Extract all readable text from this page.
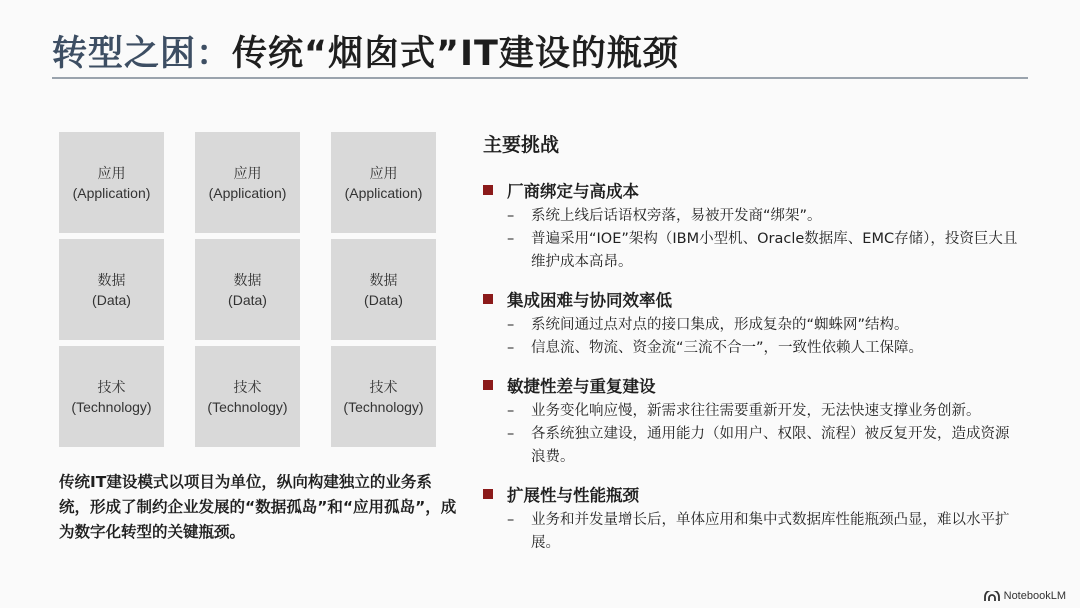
转型之困：传统“烟囱式”IT建设的瓶颈
应用
(Application)
应用
(Application)
应用
(Application)
数据
(Data)
数据
(Data)
数据
(Data)
技术
(Technology)
技术
(Technology)
技术
(Technology)
传统IT建设模式以项目为单位，纵向构建独立的业务系统，形成了制约企业发展的“数据孤岛”和“应用孤岛”，成为数字化转型的关键瓶颈。
主要挑战
厂商绑定与高成本
–	系统上线后话语权旁落，易被开发商“绑架”。
–	普遍采用“IOE”架构（IBM小型机、Oracle数据库、EMC存储），投资巨大且维护成本高昂。
集成困难与协同效率低
–	系统间通过点对点的接口集成，形成复杂的“蜘蛛网”结构。
–	信息流、物流、资金流“三流不合一”，一致性依赖人工保障。
敏捷性差与重复建设
–	业务变化响应慢，新需求往往需要重新开发，无法快速支撑业务创新。
–	各系统独立建设，通用能力（如用户、权限、流程）被反复开发，造成资源浪费。
扩展性与性能瓶颈
–	业务和并发量增长后，单体应用和集中式数据库性能瓶颈凸显，难以水平扩展。
NotebookLM
